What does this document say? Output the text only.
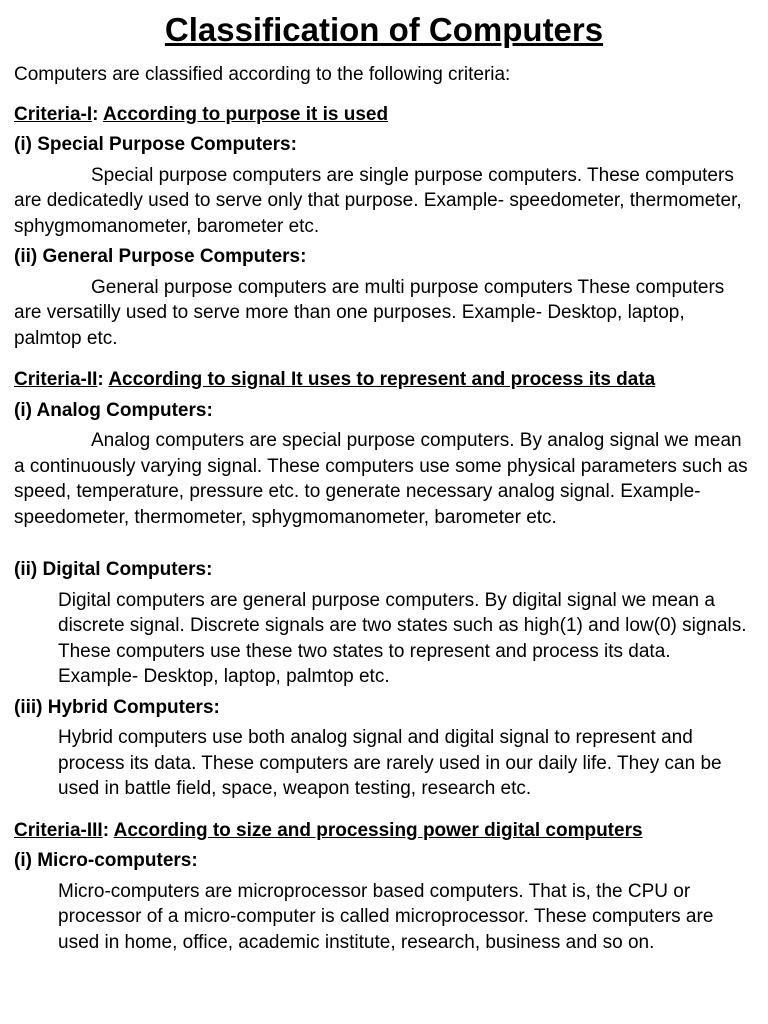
Classification of Computers

Computers are classified according to the following criteria:

Criteria-I: According to purpose it is used

(i) Special Purpose Computers:

Special purpose computers are single purpose computers. These computers are dedicatedly used to serve only that purpose. Example- speedometer, thermometer, sphygmomanometer, barometer etc.

(ii) General Purpose Computers:

General purpose computers are multi purpose computers These computers are versatilly used to serve more than one purposes. Example- Desktop, laptop, palmtop etc.

Criteria-II: According to signal It uses to represent and process its data

(i) Analog Computers:

Analog computers are special purpose computers. By analog signal we mean a continuously varying signal. These computers use some physical parameters such as speed, temperature, pressure etc. to generate necessary analog signal. Example- speedometer, thermometer, sphygmomanometer, barometer etc.

(ii) Digital Computers:

Digital computers are general purpose computers. By digital signal we mean a discrete signal. Discrete signals are two states such as high(1) and low(0) signals. These computers use these two states to represent and process its data. Example- Desktop, laptop, palmtop etc.

(iii) Hybrid Computers:

Hybrid computers use both analog signal and digital signal to represent and process its data. These computers are rarely used in our daily life. They can be used in battle field, space, weapon testing, research etc.

Criteria-III: According to size and processing power digital computers

(i) Micro-computers:

Micro-computers are microprocessor based computers. That is, the CPU or processor of a micro-computer is called microprocessor. These computers are used in home, office, academic institute, research, business and so on.
